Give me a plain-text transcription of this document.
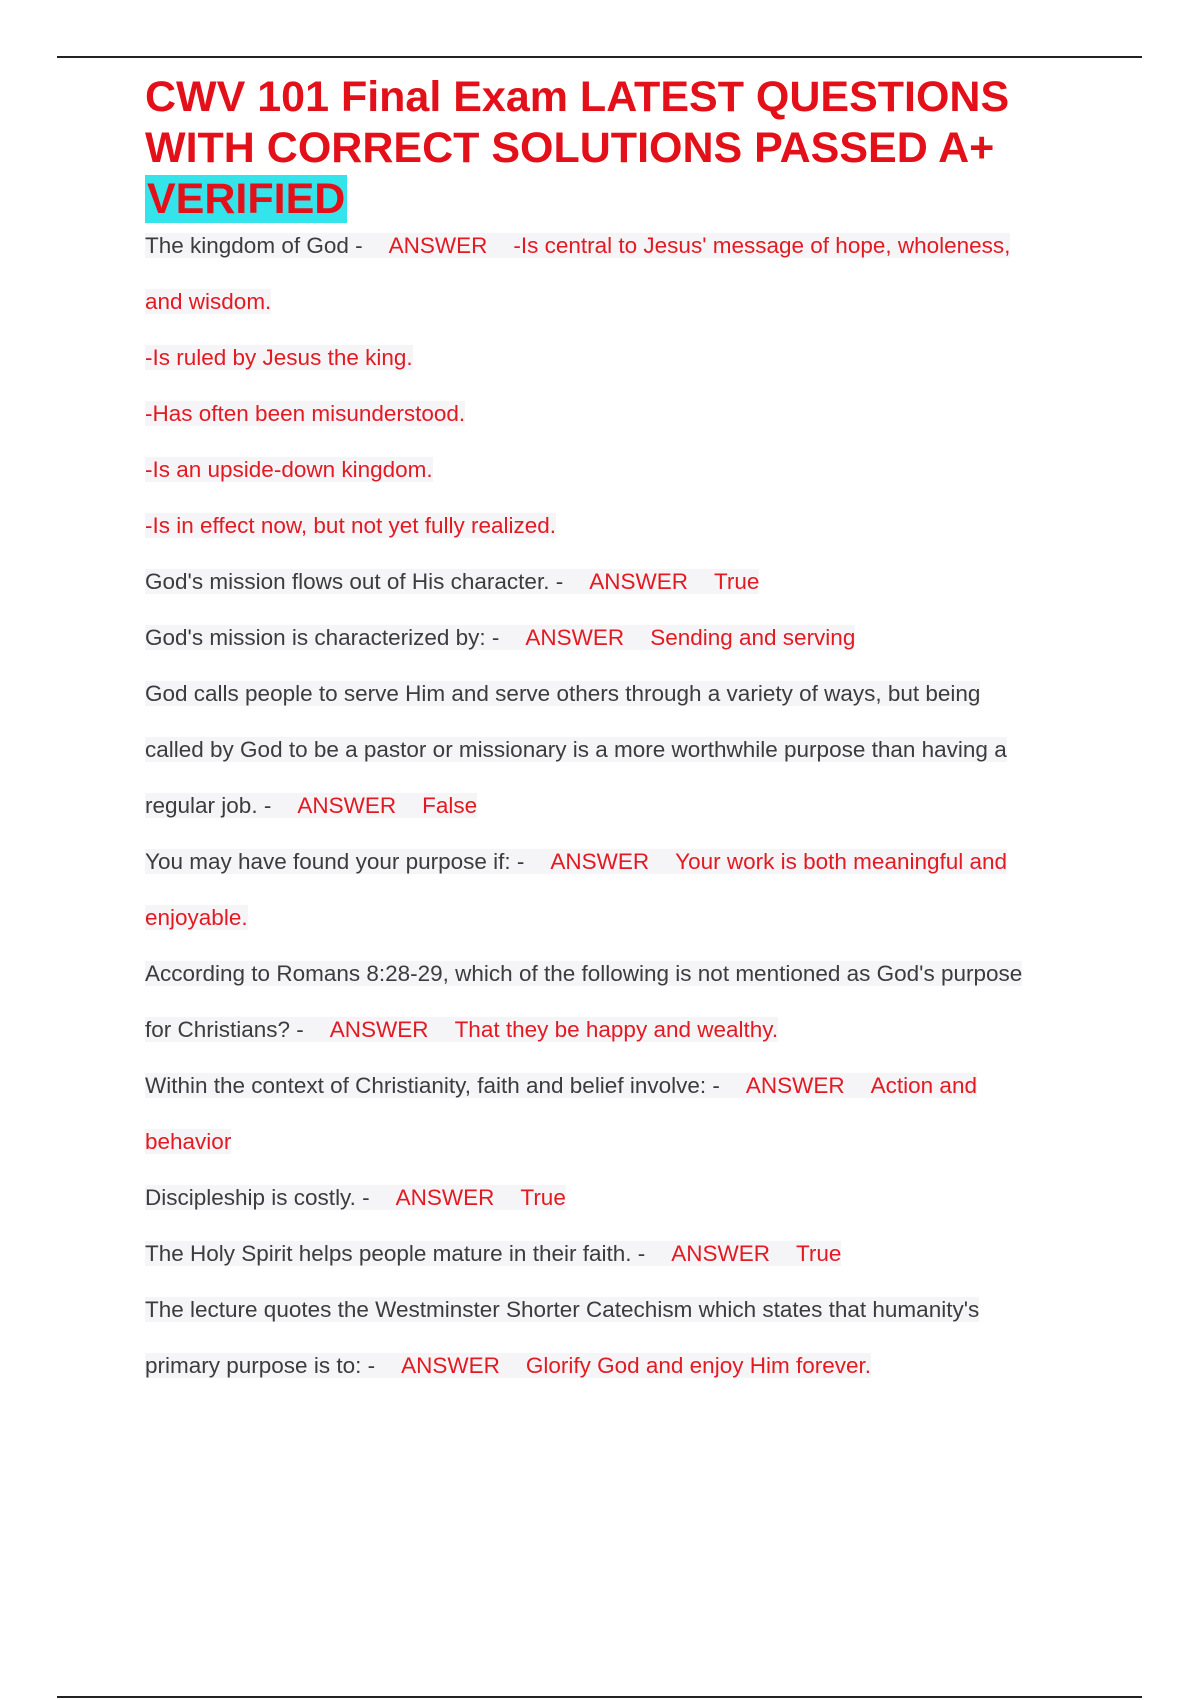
CWV 101 Final Exam LATEST QUESTIONS
WITH CORRECT SOLUTIONS PASSED A+
VERIFIED
The kingdom of God - ANSWER -Is central to Jesus' message of hope, wholeness,
and wisdom.
-Is ruled by Jesus the king.
-Has often been misunderstood.
-Is an upside-down kingdom.
-Is in effect now, but not yet fully realized.
God's mission flows out of His character. - ANSWER True
God's mission is characterized by: - ANSWER Sending and serving
God calls people to serve Him and serve others through a variety of ways, but being
called by God to be a pastor or missionary is a more worthwhile purpose than having a
regular job. - ANSWER False
You may have found your purpose if: - ANSWER Your work is both meaningful and
enjoyable.
According to Romans 8:28-29, which of the following is not mentioned as God's purpose
for Christians? - ANSWER That they be happy and wealthy.
Within the context of Christianity, faith and belief involve: - ANSWER Action and
behavior
Discipleship is costly. - ANSWER True
The Holy Spirit helps people mature in their faith. - ANSWER True
The lecture quotes the Westminster Shorter Catechism which states that humanity's
primary purpose is to: - ANSWER Glorify God and enjoy Him forever.
